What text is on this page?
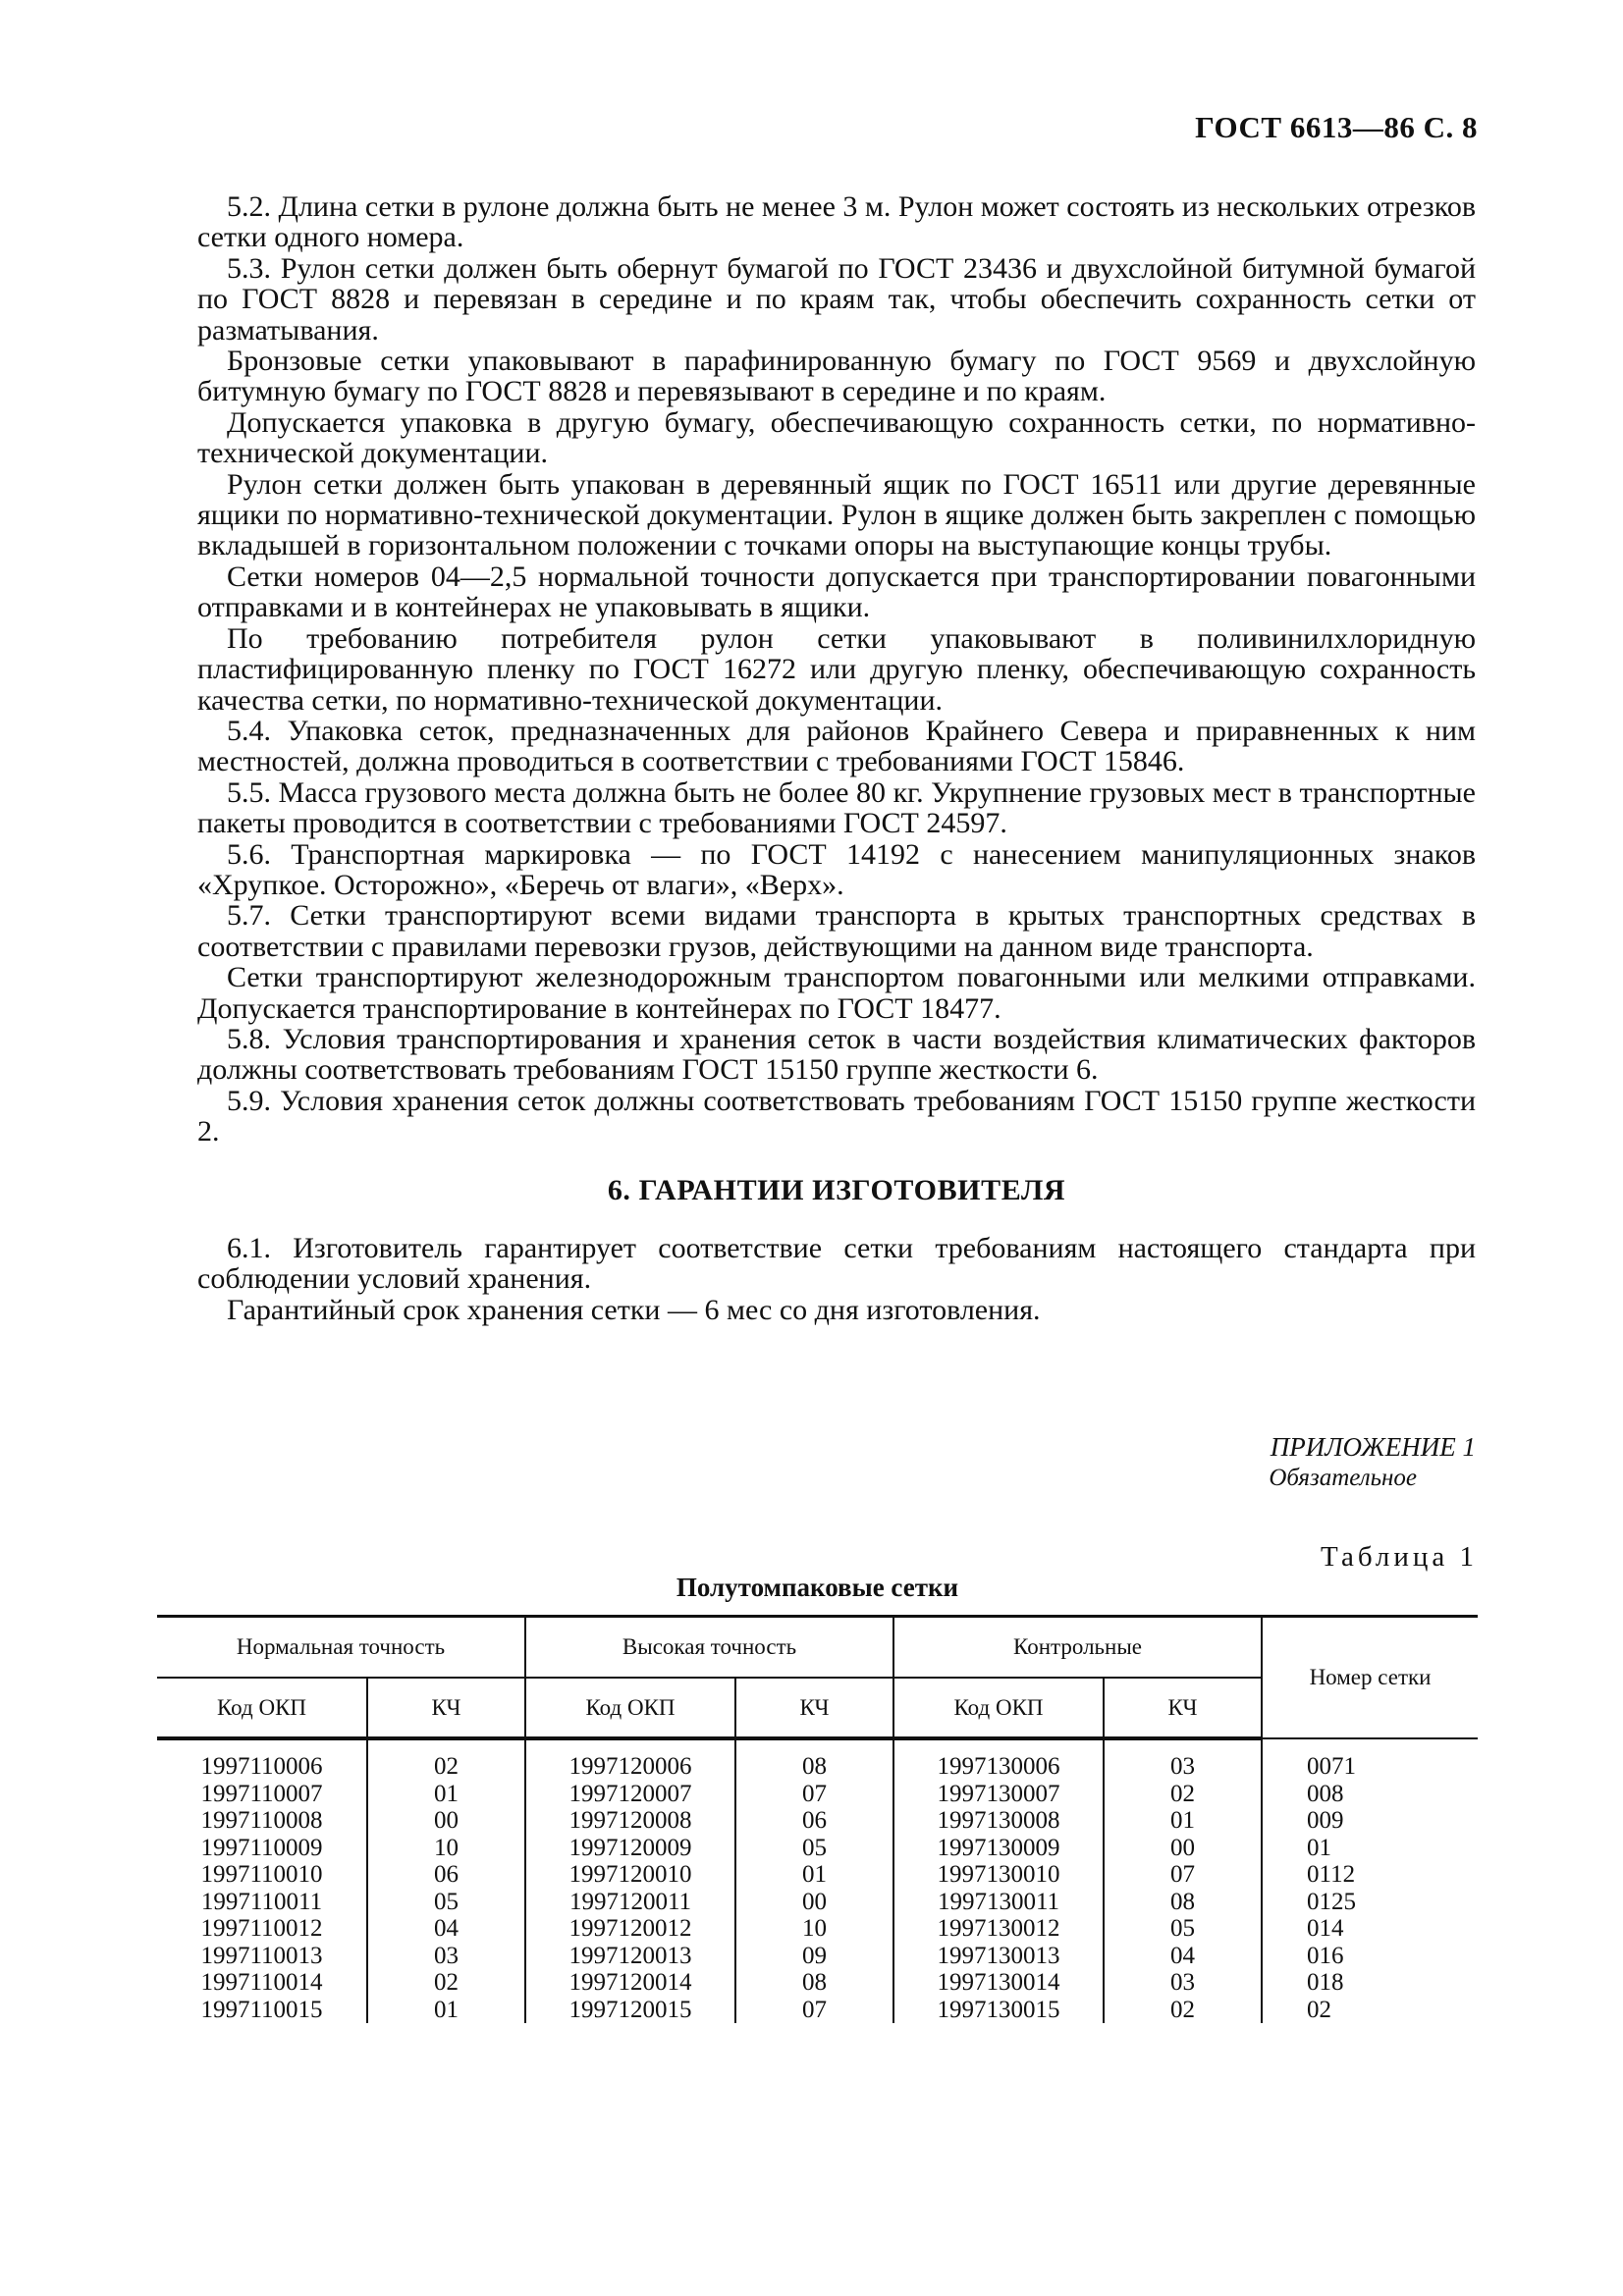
ГОСТ 6613—86 С. 8

5.2. Длина сетки в рулоне должна быть не менее 3 м. Рулон может состоять из нескольких отрезков сетки одного номера.

5.3. Рулон сетки должен быть обернут бумагой по ГОСТ 23436 и двухслойной битумной бумагой по ГОСТ 8828 и перевязан в середине и по краям так, чтобы обеспечить сохранность сетки от разматывания.

Бронзовые сетки упаковывают в парафинированную бумагу по ГОСТ 9569 и двухслойную битумную бумагу по ГОСТ 8828 и перевязывают в середине и по краям.

Допускается упаковка в другую бумагу, обеспечивающую сохранность сетки, по нормативно-технической документации.

Рулон сетки должен быть упакован в деревянный ящик по ГОСТ 16511 или другие деревянные ящики по нормативно-технической документации. Рулон в ящике должен быть закреплен с помощью вкладышей в горизонтальном положении с точками опоры на выступающие концы трубы.

Сетки номеров 04—2,5 нормальной точности допускается при транспортировании повагонными отправками и в контейнерах не упаковывать в ящики.

По требованию потребителя рулон сетки упаковывают в поливинилхлоридную пластифицированную пленку по ГОСТ 16272 или другую пленку, обеспечивающую сохранность качества сетки, по нормативно-технической документации.

5.4. Упаковка сеток, предназначенных для районов Крайнего Севера и приравненных к ним местностей, должна проводиться в соответствии с требованиями ГОСТ 15846.

5.5. Масса грузового места должна быть не более 80 кг. Укрупнение грузовых мест в транспортные пакеты проводится в соответствии с требованиями ГОСТ 24597.

5.6. Транспортная маркировка — по ГОСТ 14192 с нанесением манипуляционных знаков «Хрупкое. Осторожно», «Беречь от влаги», «Верх».

5.7. Сетки транспортируют всеми видами транспорта в крытых транспортных средствах в соответствии с правилами перевозки грузов, действующими на данном виде транспорта.

Сетки транспортируют железнодорожным транспортом повагонными или мелкими отправками. Допускается транспортирование в контейнерах по ГОСТ 18477.

5.8. Условия транспортирования и хранения сеток в части воздействия климатических факторов должны соответствовать требованиям ГОСТ 15150 группе жесткости 6.

5.9. Условия хранения сеток должны соответствовать требованиям ГОСТ 15150 группе жесткости 2.

6. ГАРАНТИИ ИЗГОТОВИТЕЛЯ

6.1. Изготовитель гарантирует соответствие сетки требованиям настоящего стандарта при соблюдении условий хранения.

Гарантийный срок хранения сетки — 6 мес со дня изготовления.

ПРИЛОЖЕНИЕ 1
Обязательное
Таблица 1
Полутомпаковые сетки
Нормальная точность		Высокая точность		Контрольные		Номер сетки
Код ОКП	КЧ	Код ОКП	КЧ	Код ОКП	КЧ	
1997110006	02	1997120006	08	1997130006	03	0071
1997110007	01	1997120007	07	1997130007	02	008
1997110008	00	1997120008	06	1997130008	01	009
1997110009	10	1997120009	05	1997130009	00	01
1997110010	06	1997120010	01	1997130010	07	0112
1997110011	05	1997120011	00	1997130011	08	0125
1997110012	04	1997120012	10	1997130012	05	014
1997110013	03	1997120013	09	1997130013	04	016
1997110014	02	1997120014	08	1997130014	03	018
1997110015	01	1997120015	07	1997130015	02	02
